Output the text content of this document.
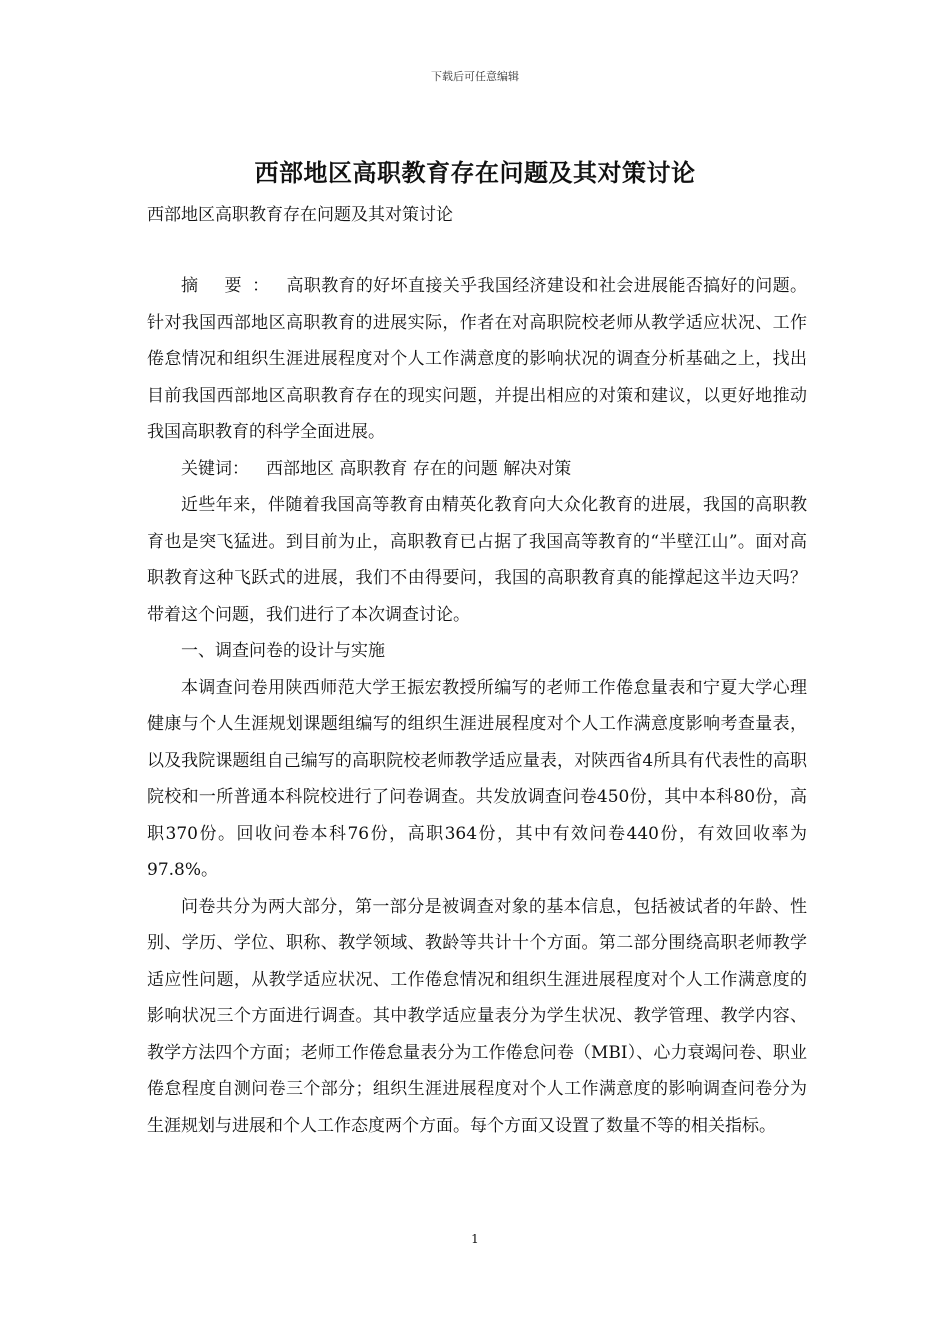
下载后可任意编辑
西部地区高职教育存在问题及其对策讨论
西部地区高职教育存在问题及其对策讨论

摘 要： 高职教育的好坏直接关乎我国经济建设和社会进展能否搞好的问题。针对我国西部地区高职教育的进展实际，作者在对高职院校老师从教学适应状况、工作倦怠情况和组织生涯进展程度对个人工作满意度的影响状况的调查分析基础之上，找出目前我国西部地区高职教育存在的现实问题，并提出相应的对策和建议，以更好地推动我国高职教育的科学全面进展。

关键词： 西部地区 高职教育 存在的问题 解决对策

近些年来，伴随着我国高等教育由精英化教育向大众化教育的进展，我国的高职教育也是突飞猛进。到目前为止，高职教育已占据了我国高等教育的“半壁江山”。面对高职教育这种飞跃式的进展，我们不由得要问，我国的高职教育真的能撑起这半边天吗？带着这个问题，我们进行了本次调查讨论。

一、调查问卷的设计与实施

本调查问卷用陕西师范大学王振宏教授所编写的老师工作倦怠量表和宁夏大学心理健康与个人生涯规划课题组编写的组织生涯进展程度对个人工作满意度影响考查量表，以及我院课题组自己编写的高职院校老师教学适应量表，对陕西省4所具有代表性的高职院校和一所普通本科院校进行了问卷调查。共发放调查问卷450份，其中本科80份，高职370份。回收问卷本科76份，高职364份，其中有效问卷440份，有效回收率为97.8%。

问卷共分为两大部分，第一部分是被调查对象的基本信息，包括被试者的年龄、性别、学历、学位、职称、教学领域、教龄等共计十个方面。第二部分围绕高职老师教学适应性问题，从教学适应状况、工作倦怠情况和组织生涯进展程度对个人工作满意度的影响状况三个方面进行调查。其中教学适应量表分为学生状况、教学管理、教学内容、教学方法四个方面；老师工作倦怠量表分为工作倦怠问卷（MBI）、心力衰竭问卷、职业倦怠程度自测问卷三个部分；组织生涯进展程度对个人工作满意度的影响调查问卷分为生涯规划与进展和个人工作态度两个方面。每个方面又设置了数量不等的相关指标。

1
